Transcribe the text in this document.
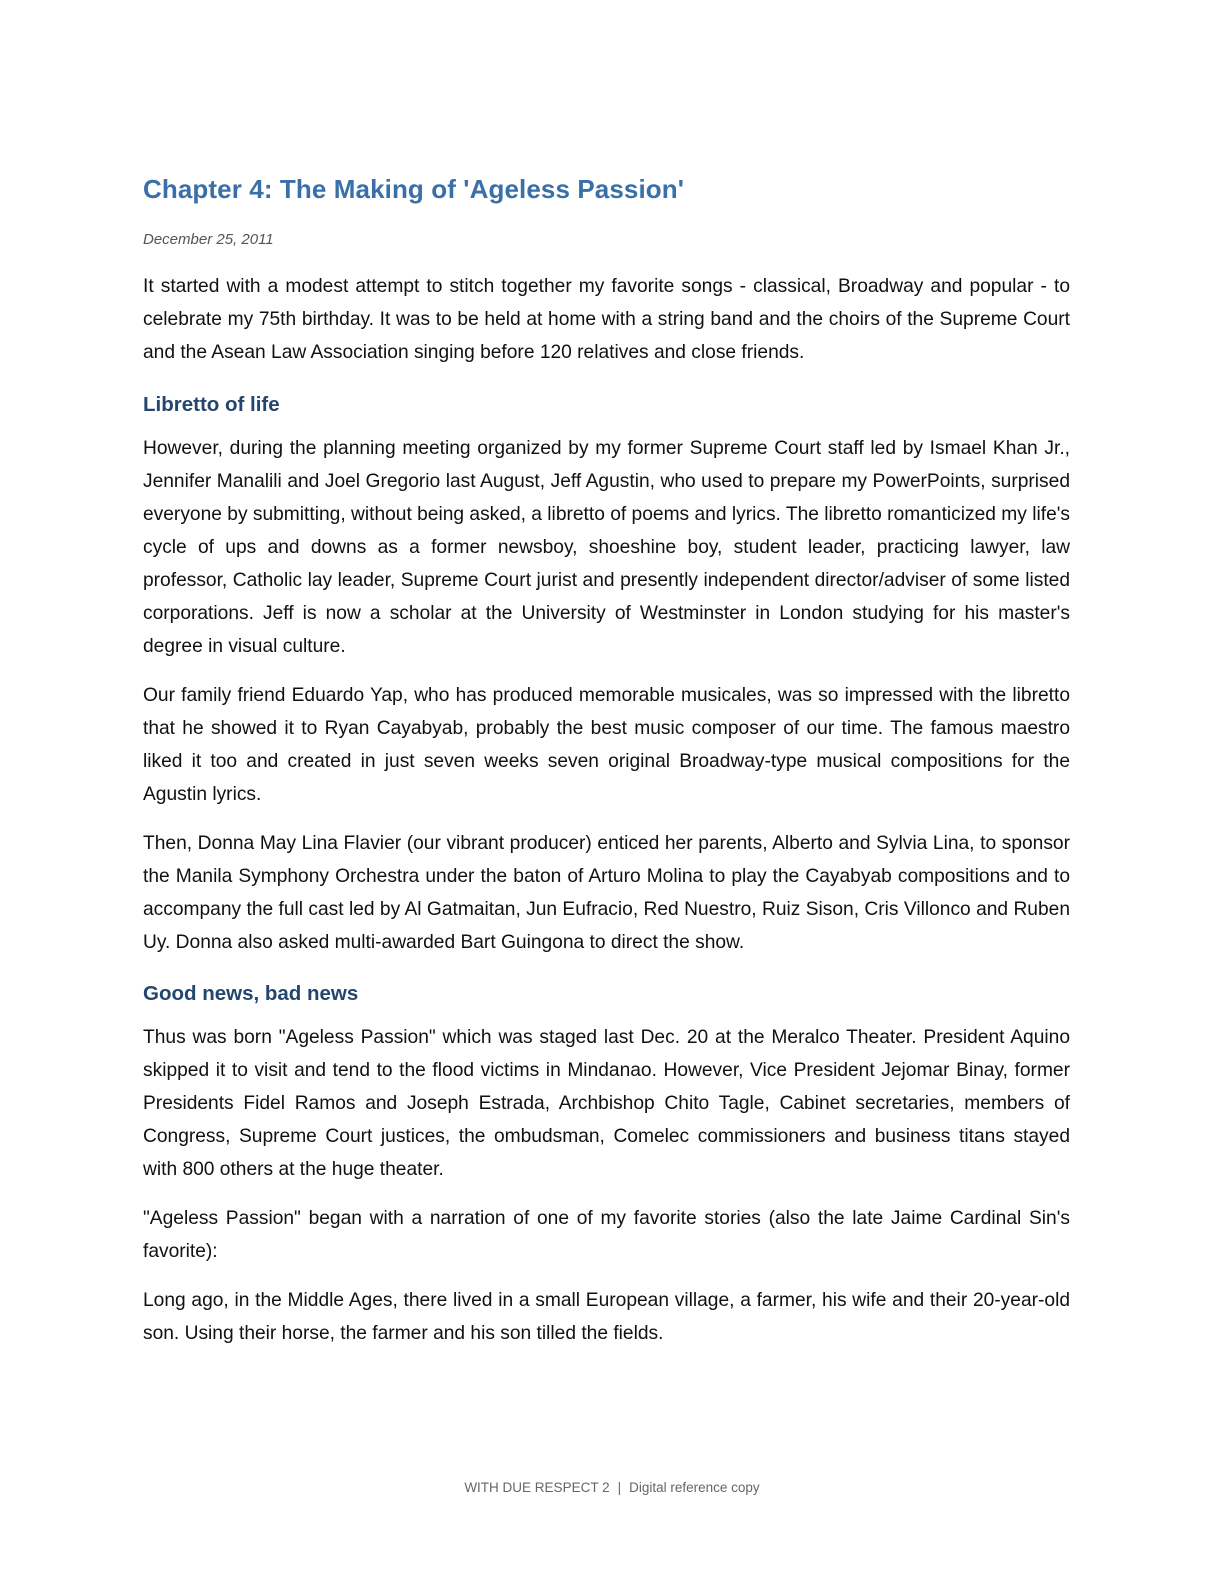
Chapter 4: The Making of 'Ageless Passion'

December 25, 2011

It started with a modest attempt to stitch together my favorite songs - classical, Broadway and popular - to celebrate my 75th birthday. It was to be held at home with a string band and the choirs of the Supreme Court and the Asean Law Association singing before 120 relatives and close friends.

Libretto of life

However, during the planning meeting organized by my former Supreme Court staff led by Ismael Khan Jr., Jennifer Manalili and Joel Gregorio last August, Jeff Agustin, who used to prepare my PowerPoints, surprised everyone by submitting, without being asked, a libretto of poems and lyrics. The libretto romanticized my life's cycle of ups and downs as a former newsboy, shoeshine boy, student leader, practicing lawyer, law professor, Catholic lay leader, Supreme Court jurist and presently independent director/adviser of some listed corporations. Jeff is now a scholar at the University of Westminster in London studying for his master's degree in visual culture.

Our family friend Eduardo Yap, who has produced memorable musicales, was so impressed with the libretto that he showed it to Ryan Cayabyab, probably the best music composer of our time. The famous maestro liked it too and created in just seven weeks seven original Broadway-type musical compositions for the Agustin lyrics.

Then, Donna May Lina Flavier (our vibrant producer) enticed her parents, Alberto and Sylvia Lina, to sponsor the Manila Symphony Orchestra under the baton of Arturo Molina to play the Cayabyab compositions and to accompany the full cast led by Al Gatmaitan, Jun Eufracio, Red Nuestro, Ruiz Sison, Cris Villonco and Ruben Uy. Donna also asked multi-awarded Bart Guingona to direct the show.

Good news, bad news

Thus was born "Ageless Passion" which was staged last Dec. 20 at the Meralco Theater. President Aquino skipped it to visit and tend to the flood victims in Mindanao. However, Vice President Jejomar Binay, former Presidents Fidel Ramos and Joseph Estrada, Archbishop Chito Tagle, Cabinet secretaries, members of Congress, Supreme Court justices, the ombudsman, Comelec commissioners and business titans stayed with 800 others at the huge theater.

"Ageless Passion" began with a narration of one of my favorite stories (also the late Jaime Cardinal Sin's favorite):

Long ago, in the Middle Ages, there lived in a small European village, a farmer, his wife and their 20-year-old son. Using their horse, the farmer and his son tilled the fields.

WITH DUE RESPECT 2 | Digital reference copy
